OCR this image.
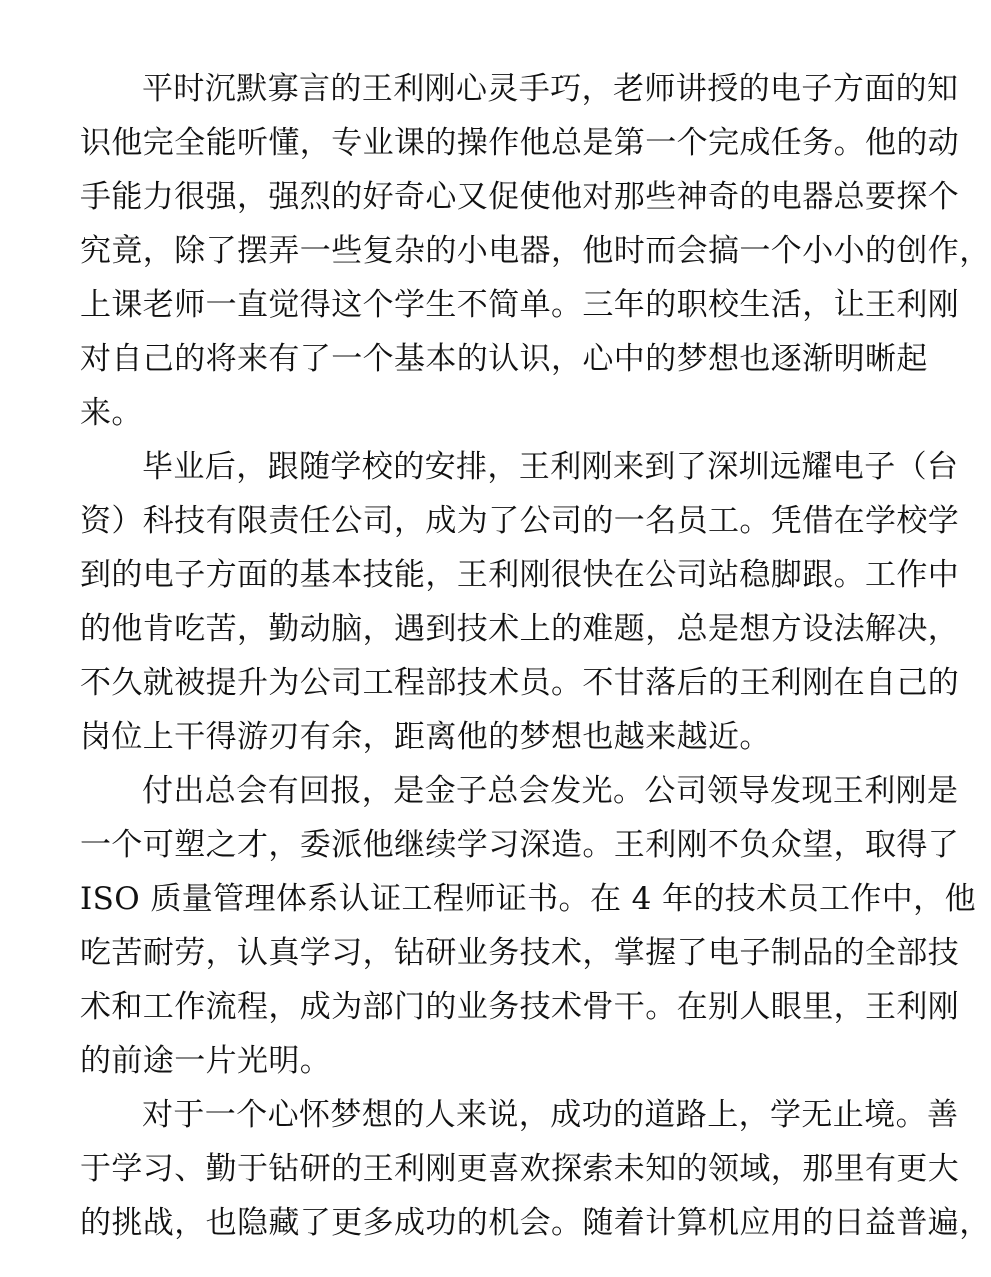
平时沉默寡言的王利刚心灵手巧，老师讲授的电子方面的知
识他完全能听懂，专业课的操作他总是第一个完成任务。他的动
手能力很强，强烈的好奇心又促使他对那些神奇的电器总要探个
究竟，除了摆弄一些复杂的小电器，他时而会搞一个小小的创作，
上课老师一直觉得这个学生不简单。三年的职校生活，让王利刚
对自己的将来有了一个基本的认识，心中的梦想也逐渐明晰起
来。
毕业后，跟随学校的安排，王利刚来到了深圳远耀电子（台
资）科技有限责任公司，成为了公司的一名员工。凭借在学校学
到的电子方面的基本技能，王利刚很快在公司站稳脚跟。工作中
的他肯吃苦，勤动脑，遇到技术上的难题，总是想方设法解决，
不久就被提升为公司工程部技术员。不甘落后的王利刚在自己的
岗位上干得游刃有余，距离他的梦想也越来越近。
付出总会有回报，是金子总会发光。公司领导发现王利刚是
一个可塑之才，委派他继续学习深造。王利刚不负众望，取得了
ISO 质量管理体系认证工程师证书。在 4 年的技术员工作中，他
吃苦耐劳，认真学习，钻研业务技术，掌握了电子制品的全部技
术和工作流程，成为部门的业务技术骨干。在别人眼里，王利刚
的前途一片光明。
对于一个心怀梦想的人来说，成功的道路上，学无止境。善
于学习、勤于钻研的王利刚更喜欢探索未知的领域，那里有更大
的挑战，也隐藏了更多成功的机会。随着计算机应用的日益普遍，
